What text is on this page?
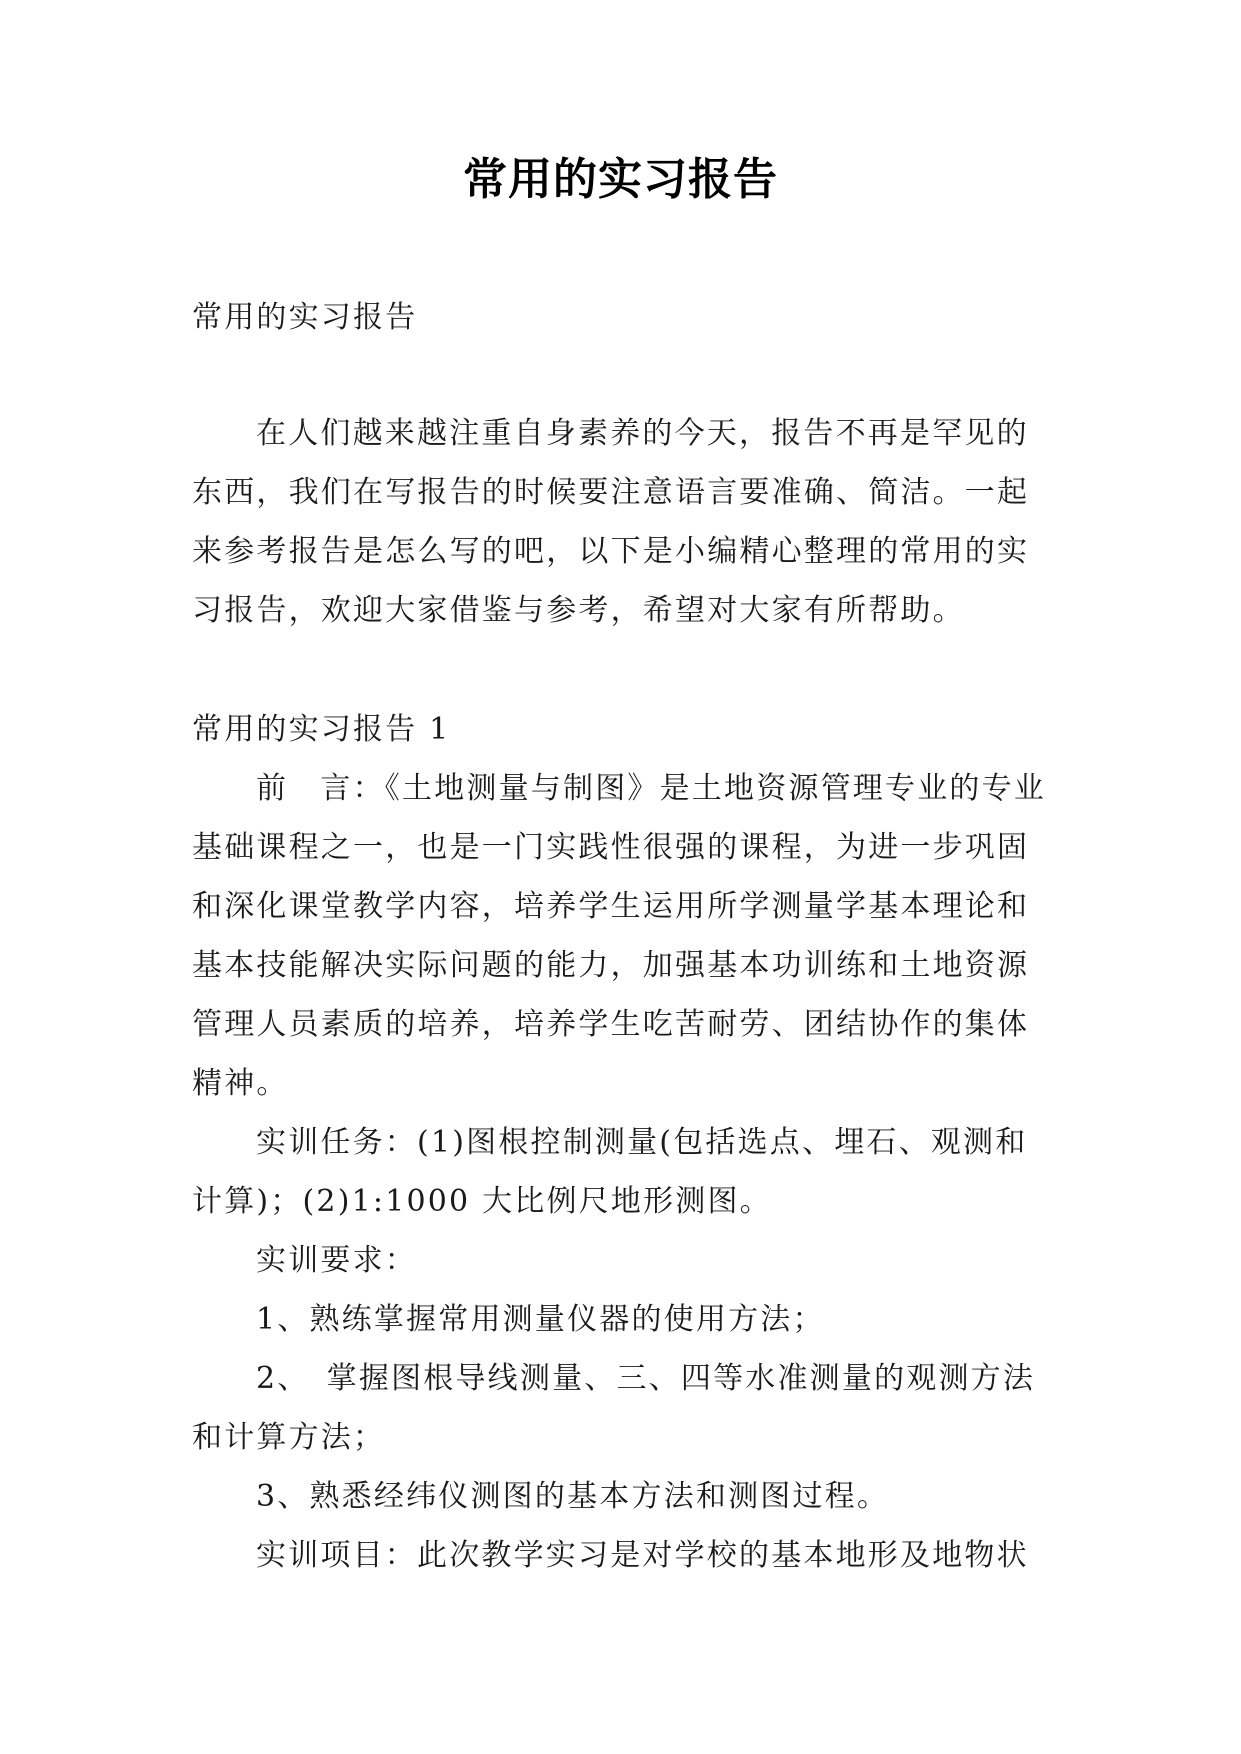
常用的实习报告
常用的实习报告

在人们越来越注重自身素养的今天，报告不再是罕见的东西，我们在写报告的时候要注意语言要准确、简洁。一起来参考报告是怎么写的吧，以下是小编精心整理的常用的实习报告，欢迎大家借鉴与参考，希望对大家有所帮助。

常用的实习报告 1

前　言：《土地测量与制图》是土地资源管理专业的专业基础课程之一，也是一门实践性很强的课程，为进一步巩固和深化课堂教学内容，培养学生运用所学测量学基本理论和基本技能解决实际问题的能力，加强基本功训练和土地资源管理人员素质的培养，培养学生吃苦耐劳、团结协作的集体精神。

实训任务：(1)图根控制测量(包括选点、埋石、观测和计算)；(2)1:1000 大比例尺地形测图。

实训要求：

1、熟练掌握常用测量仪器的使用方法；

2、　掌握图根导线测量、三、四等水准测量的观测方法和计算方法；

3、熟悉经纬仪测图的基本方法和测图过程。

实训项目：此次教学实习是对学校的基本地形及地物状
